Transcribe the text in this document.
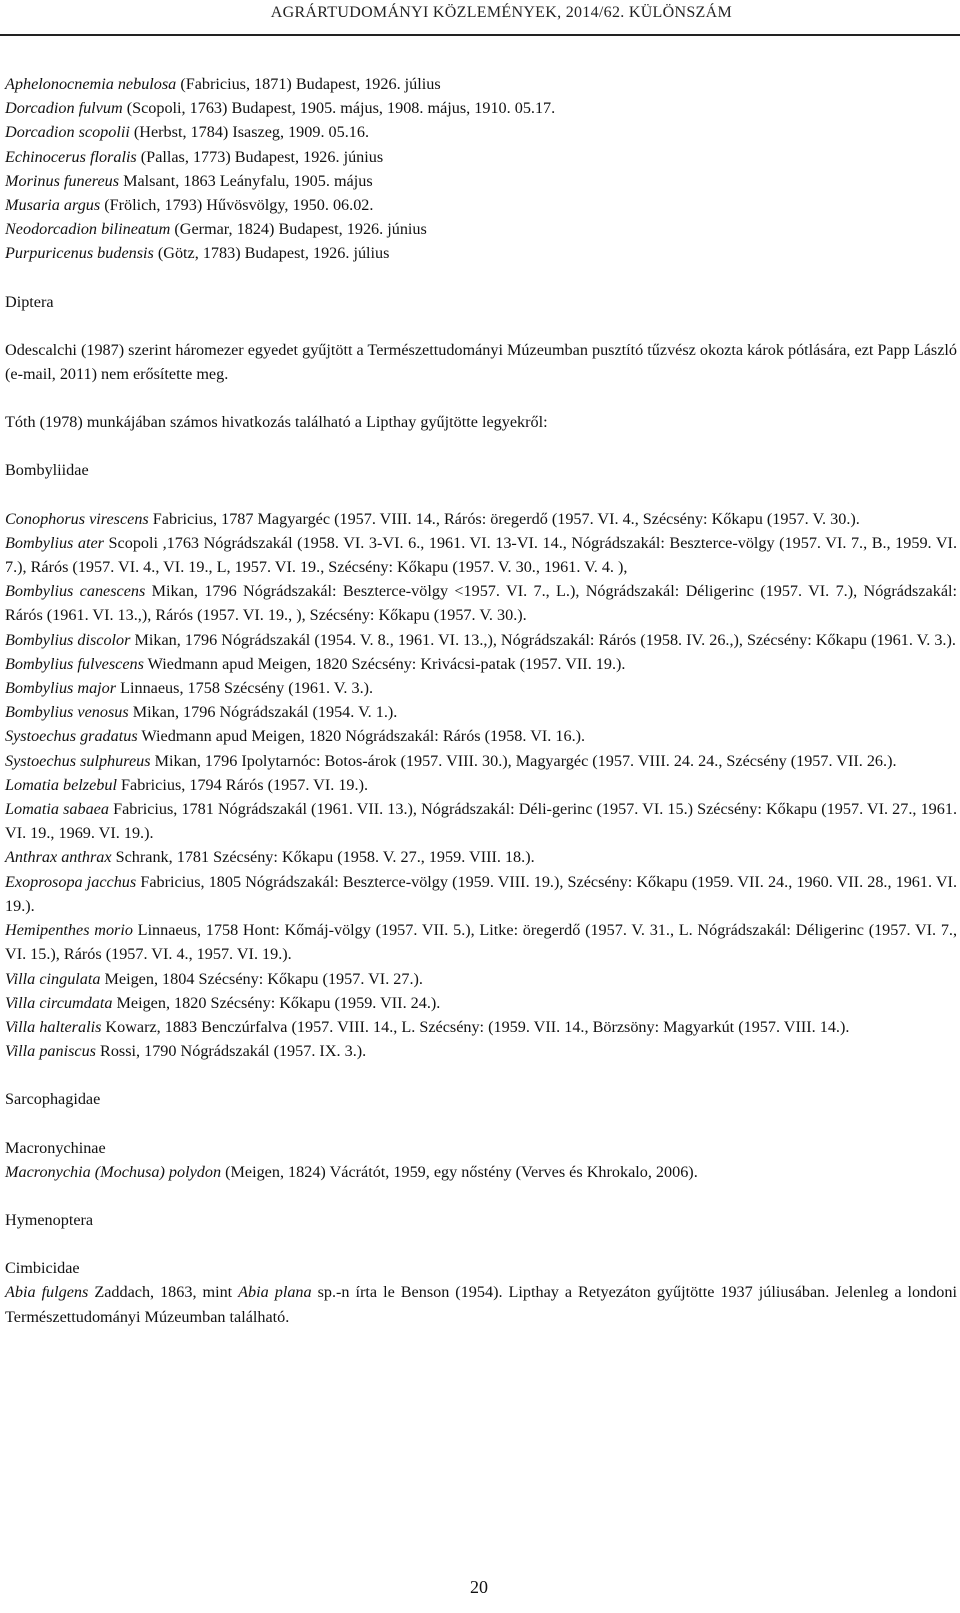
AGRÁRTUDOMÁNYI KÖZLEMÉNYEK, 2014/62. KÜLÖNSZÁM

Aphelonocnemia nebulosa (Fabricius, 1871) Budapest, 1926. július

Dorcadion fulvum (Scopoli, 1763) Budapest, 1905. május, 1908. május, 1910. 05.17.

Dorcadion scopolii (Herbst, 1784) Isaszeg, 1909. 05.16.

Echinocerus floralis (Pallas, 1773) Budapest, 1926. június

Morinus funereus Malsant, 1863 Leányfalu, 1905. május

Musaria argus (Frölich, 1793) Hűvösvölgy, 1950. 06.02.

Neodorcadion bilineatum (Germar, 1824) Budapest, 1926. június

Purpuricenus budensis (Götz, 1783) Budapest, 1926. július

Diptera

Odescalchi (1987) szerint háromezer egyedet gyűjtött a Természettudományi Múzeumban pusztító tűzvész okozta károk pótlására, ezt Papp László (e-mail, 2011) nem erősítette meg.

Tóth (1978) munkájában számos hivatkozás található a Lipthay gyűjtötte legyekről:

Bombyliidae

Conophorus virescens Fabricius, 1787 Magyargéc (1957. VIII. 14., Rárós: öregerdő (1957. VI. 4., Szécsény: Kőkapu (1957. V. 30.).

Bombylius ater Scopoli ,1763 Nógrádszakál (1958. VI. 3-VI. 6., 1961. VI. 13-VI. 14., Nógrádszakál: Beszterce-völgy (1957. VI. 7., B., 1959. VI. 7.), Rárós (1957. VI. 4., VI. 19., L, 1957. VI. 19., Szécsény: Kőkapu (1957. V. 30., 1961. V. 4. ),

Bombylius canescens Mikan, 1796 Nógrádszakál: Beszterce-völgy <1957. VI. 7., L.), Nógrádszakál: Déligerinc (1957. VI. 7.), Nógrádszakál: Rárós (1961. VI. 13.,), Rárós (1957. VI. 19., ), Szécsény: Kőkapu (1957. V. 30.).

Bombylius discolor Mikan, 1796 Nógrádszakál (1954. V. 8., 1961. VI. 13.,), Nógrádszakál: Rárós (1958. IV. 26.,), Szécsény: Kőkapu (1961. V. 3.).

Bombylius fulvescens Wiedmann apud Meigen, 1820 Szécsény: Krivácsi-patak (1957. VII. 19.).

Bombylius major Linnaeus, 1758 Szécsény (1961. V. 3.).

Bombylius venosus Mikan, 1796 Nógrádszakál (1954. V. 1.).

Systoechus gradatus Wiedmann apud Meigen, 1820 Nógrádszakál: Rárós (1958. VI. 16.).

Systoechus sulphureus Mikan, 1796 Ipolytarnóc: Botos-árok (1957. VIII. 30.), Magyargéc (1957. VIII. 24. 24., Szécsény (1957. VII. 26.).

Lomatia belzebul Fabricius, 1794 Rárós (1957. VI. 19.).

Lomatia sabaea Fabricius, 1781 Nógrádszakál (1961. VII. 13.), Nógrádszakál: Déli-gerinc (1957. VI. 15.) Szécsény: Kőkapu (1957. VI. 27., 1961. VI. 19., 1969. VI. 19.).

Anthrax anthrax Schrank, 1781 Szécsény: Kőkapu (1958. V. 27., 1959. VIII. 18.).

Exoprosopa jacchus Fabricius, 1805 Nógrádszakál: Beszterce-völgy (1959. VIII. 19.), Szécsény: Kőkapu (1959. VII. 24., 1960. VII. 28., 1961. VI. 19.).

Hemipenthes morio Linnaeus, 1758 Hont: Kőmáj-völgy (1957. VII. 5.), Litke: öregerdő (1957. V. 31., L. Nógrádszakál: Déligerinc (1957. VI. 7., VI. 15.), Rárós (1957. VI. 4., 1957. VI. 19.).

Villa cingulata Meigen, 1804 Szécsény: Kőkapu (1957. VI. 27.).

Villa circumdata Meigen, 1820 Szécsény: Kőkapu (1959. VII. 24.).

Villa halteralis Kowarz, 1883 Benczúrfalva (1957. VIII. 14., L. Szécsény: (1959. VII. 14., Börzsöny: Magyarkút (1957. VIII. 14.).

Villa paniscus Rossi, 1790 Nógrádszakál (1957. IX. 3.).

Sarcophagidae

Macronychinae

Macronychia (Mochusa) polydon (Meigen, 1824) Vácrátót, 1959, egy nőstény (Verves és Khrokalo, 2006).

Hymenoptera

Cimbicidae

Abia fulgens Zaddach, 1863, mint Abia plana sp.-n írta le Benson (1954). Lipthay a Retyezáton gyűjtötte 1937 júliusában. Jelenleg a londoni Természettudományi Múzeumban található.

20
